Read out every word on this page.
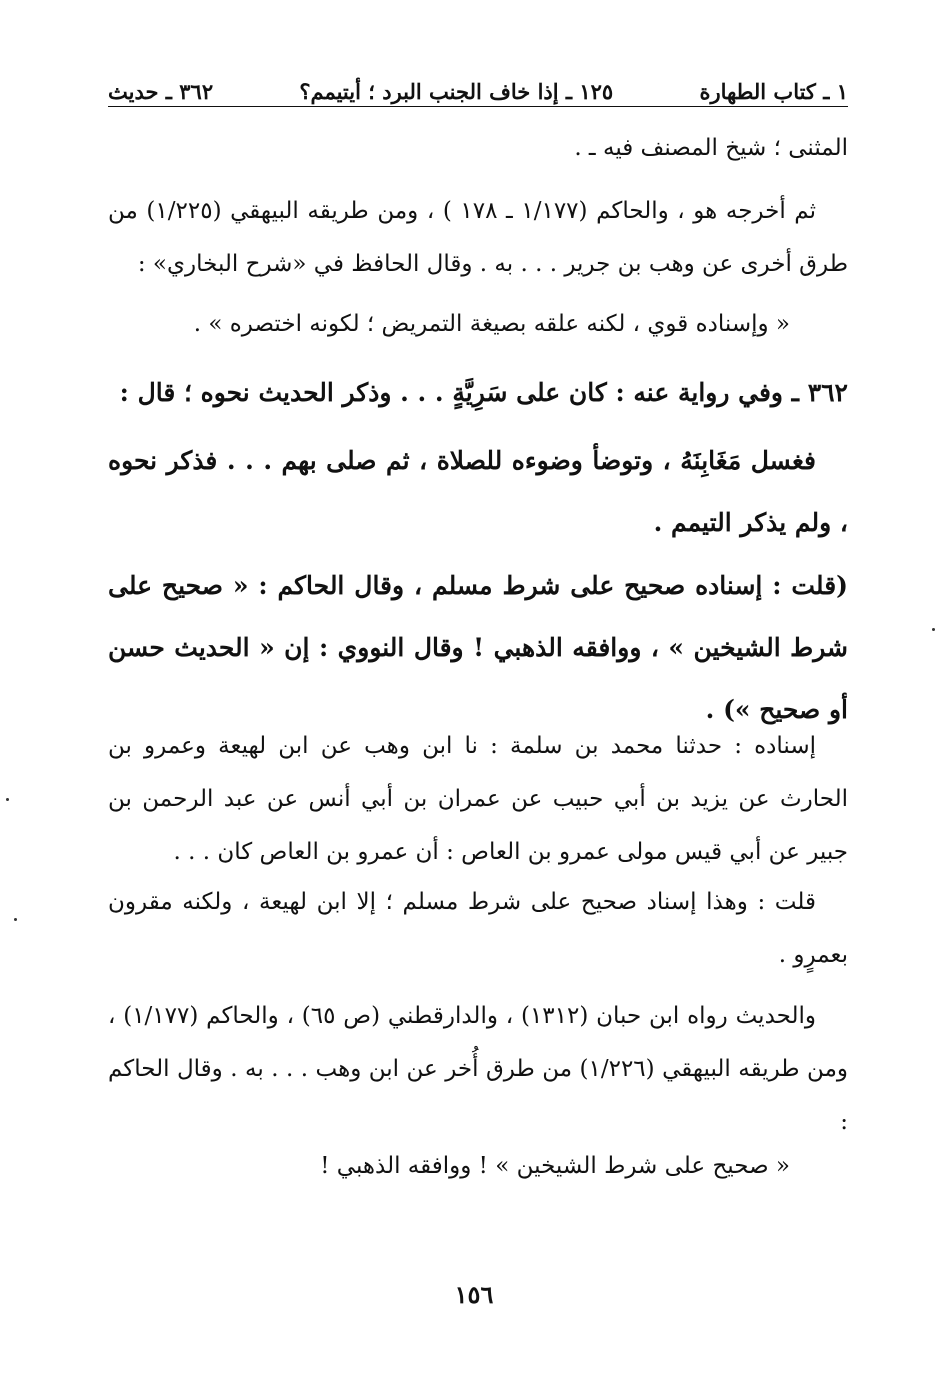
١ ـ كتاب الطهارة
١٢٥ ـ إذا خاف الجنب البرد ؛ أيتيمم؟
٣٦٢ ـ حديث

المثنى ؛ شيخ المصنف فيه ـ .

ثم أخرجه هو ، والحاكم (١/١٧٧ ـ ١٧٨ ) ، ومن طريقه البيهقي (١/٢٢٥) من طرق أخرى عن وهب بن جرير . . . به . وقال الحافظ في «شرح البخاري» :

« وإسناده قوي ، لكنه علقه بصيغة التمريض ؛ لكونه اختصره » .

٣٦٢ ـ وفي رواية عنه : كان على سَرِيَّةٍ . . . وذكر الحديث نحوه ؛ قال :

فغسل مَغَابِنَهُ ، وتوضأ وضوءه للصلاة ، ثم صلى بهم . . . فذكر نحوه ، ولم يذكر التيمم .

(قلت : إسناده صحيح على شرط مسلم ، وقال الحاكم : « صحيح على شرط الشيخين » ، ووافقه الذهبي ! وقال النووي : إن « الحديث حسن أو صحيح ») .

إسناده : حدثنا محمد بن سلمة : نا ابن وهب عن ابن لهيعة وعمرو بن الحارث عن يزيد بن أبي حبيب عن عمران بن أبي أنس عن عبد الرحمن بن جبير عن أبي قيس مولى عمرو بن العاص : أن عمرو بن العاص كان . . .

قلت : وهذا إسناد صحيح على شرط مسلم ؛ إلا ابن لهيعة ، ولكنه مقرون بعمرٍو .

والحديث رواه ابن حبان (١٣١٢) ، والدارقطني (ص ٦٥) ، والحاكم (١/١٧٧) ، ومن طريقه البيهقي (١/٢٢٦) من طرق أُخر عن ابن وهب . . . به . وقال الحاكم :

« صحيح على شرط الشيخين » ! ووافقه الذهبي !

١٥٦
